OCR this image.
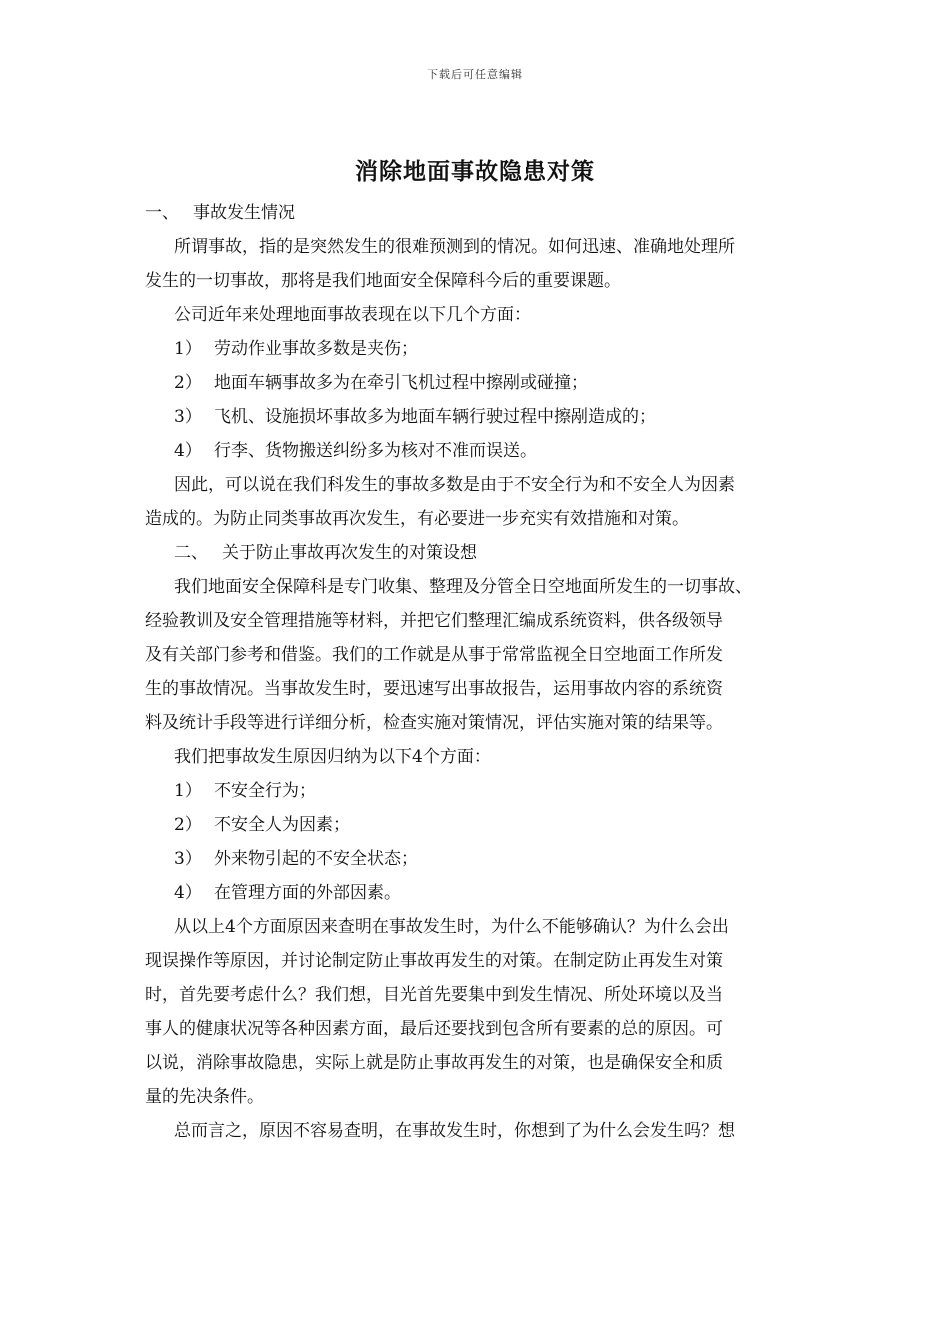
下载后可任意编辑
消除地面事故隐患对策
一、 事故发生情况
所谓事故，指的是突然发生的很难预测到的情况。如何迅速、准确地处理所
发生的一切事故，那将是我们地面安全保障科今后的重要课题。
公司近年来处理地面事故表现在以下几个方面：
1） 劳动作业事故多数是夹伤；
2） 地面车辆事故多为在牵引飞机过程中擦剐或碰撞；
3） 飞机、设施损坏事故多为地面车辆行驶过程中擦剐造成的；
4） 行李、货物搬送纠纷多为核对不准而误送。
因此，可以说在我们科发生的事故多数是由于不安全行为和不安全人为因素
造成的。为防止同类事故再次发生，有必要进一步充实有效措施和对策。
二、 关于防止事故再次发生的对策设想
我们地面安全保障科是专门收集、整理及分管全日空地面所发生的一切事故、
经验教训及安全管理措施等材料，并把它们整理汇编成系统资料，供各级领导
及有关部门参考和借鉴。我们的工作就是从事于常常监视全日空地面工作所发
生的事故情况。当事故发生时，要迅速写出事故报告，运用事故内容的系统资
料及统计手段等进行详细分析，检查实施对策情况，评估实施对策的结果等。
我们把事故发生原因归纳为以下4个方面：
1） 不安全行为；
2） 不安全人为因素；
3） 外来物引起的不安全状态；
4） 在管理方面的外部因素。
从以上4个方面原因来查明在事故发生时，为什么不能够确认？为什么会出
现误操作等原因，并讨论制定防止事故再发生的对策。在制定防止再发生对策
时，首先要考虑什么？我们想，目光首先要集中到发生情况、所处环境以及当
事人的健康状况等各种因素方面，最后还要找到包含所有要素的总的原因。可
以说，消除事故隐患，实际上就是防止事故再发生的对策，也是确保安全和质
量的先决条件。
总而言之，原因不容易查明，在事故发生时，你想到了为什么会发生吗？想
